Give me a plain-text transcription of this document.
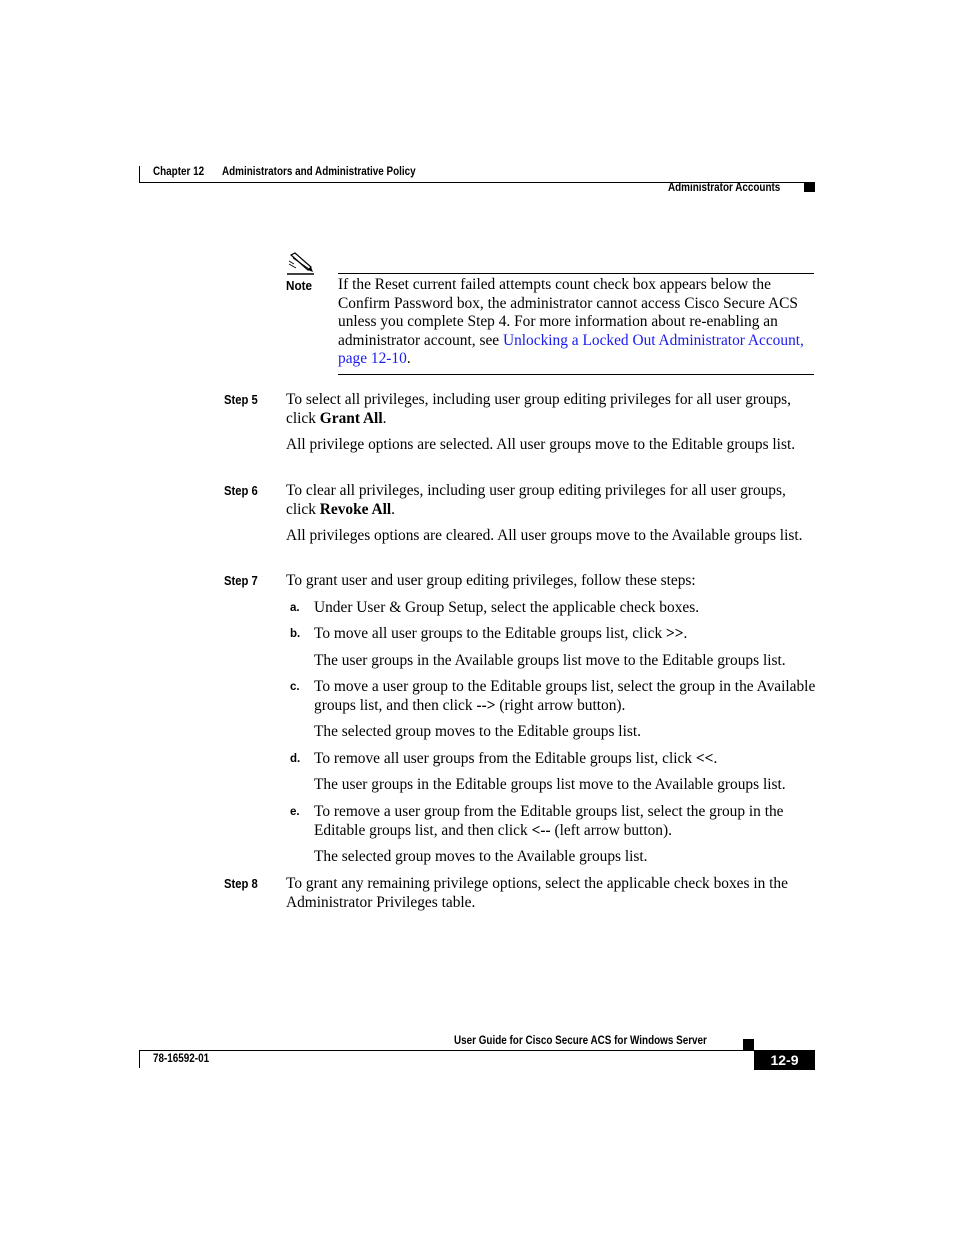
Chapter 12 Administrators and Administrative Policy
Administrator Accounts
Note If the Reset current failed attempts count check box appears below the Confirm Password box, the administrator cannot access Cisco Secure ACS unless you complete Step 4. For more information about re-enabling an administrator account, see Unlocking a Locked Out Administrator Account, page 12-10.
Step 5 To select all privileges, including user group editing privileges for all user groups, click Grant All.
All privilege options are selected. All user groups move to the Editable groups list.
Step 6 To clear all privileges, including user group editing privileges for all user groups, click Revoke All.
All privileges options are cleared. All user groups move to the Available groups list.
Step 7 To grant user and user group editing privileges, follow these steps:
a. Under User & Group Setup, select the applicable check boxes.
b. To move all user groups to the Editable groups list, click >>.
The user groups in the Available groups list move to the Editable groups list.
c. To move a user group to the Editable groups list, select the group in the Available groups list, and then click --> (right arrow button).
The selected group moves to the Editable groups list.
d. To remove all user groups from the Editable groups list, click <<.
The user groups in the Editable groups list move to the Available groups list.
e. To remove a user group from the Editable groups list, select the group in the Editable groups list, and then click <-- (left arrow button).
The selected group moves to the Available groups list.
Step 8 To grant any remaining privilege options, select the applicable check boxes in the Administrator Privileges table.
User Guide for Cisco Secure ACS for Windows Server
78-16592-01	12-9
